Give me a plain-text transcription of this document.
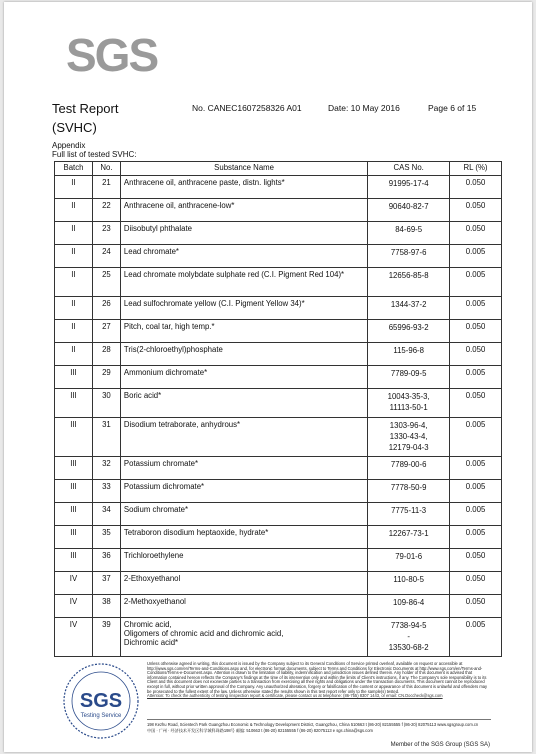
SGS
Test Report
(SVHC)
No. CANEC1607258326 A01	Date: 10 May 2016	Page 6 of 15
Appendix
Full list of tested SVHC:
Batch	No.	Substance Name	CAS No.	RL (%)
II	21	Anthracene oil, anthracene paste, distn. lights*	91995-17-4	0.050
II	22	Anthracene oil, anthracene-low*	90640-82-7	0.050
II	23	Diisobutyl phthalate	84-69-5	0.050
II	24	Lead chromate*	7758-97-6	0.005
II	25	Lead chromate molybdate sulphate red (C.I. Pigment Red 104)*	12656-85-8	0.005
II	26	Lead sulfochromate yellow (C.I. Pigment Yellow 34)*	1344-37-2	0.005
II	27	Pitch, coal tar, high temp.*	65996-93-2	0.050
II	28	Tris(2-chloroethyl)phosphate	115-96-8	0.050
III	29	Ammonium dichromate*	7789-09-5	0.005
III	30	Boric acid*	10043-35-3,
11113-50-1	0.050
III	31	Disodium tetraborate, anhydrous*	1303-96-4,
1330-43-4,
12179-04-3	0.005
III	32	Potassium chromate*	7789-00-6	0.005
III	33	Potassium dichromate*	7778-50-9	0.005
III	34	Sodium chromate*	7775-11-3	0.005
III	35	Tetraboron disodium heptaoxide, hydrate*	12267-73-1	0.005
III	36	Trichloroethylene	79-01-6	0.050
IV	37	2-Ethoxyethanol	110-80-5	0.050
IV	38	2-Methoxyethanol	109-86-4	0.050
IV	39	Chromic acid,
Oligomers of chromic acid and dichromic acid,
Dichromic acid*	7738-94-5
-
13530-68-2	0.005
SGS
Testing Service
Unless otherwise agreed in writing, this document is issued by the Company subject to its General Conditions of Service printed overleaf, available on request or accessible at http://www.sgs.com/en/Terms-and-Conditions.aspx and, for electronic format documents, subject to Terms and Conditions for Electronic Documents at http://www.sgs.com/en/Terms-and-Conditions/Terms-e-Document.aspx. Attention is drawn to the limitation of liability, indemnification and jurisdiction issues defined therein. Any holder of this document is advised that information contained hereon reflects the Company's findings at the time of its intervention only and within the limits of Client's instructions, if any. The Company's sole responsibility is to its Client and this document does not exonerate parties to a transaction from exercising all their rights and obligations under the transaction documents. This document cannot be reproduced except in full, without prior written approval of the Company. Any unauthorized alteration, forgery or falsification of the content or appearance of this document is unlawful and offenders may be prosecuted to the fullest extent of the law. Unless otherwise stated the results shown in this test report refer only to the sample(s) tested.
Attention: To check the authenticity of testing /inspection report & certificate, please contact us at telephone: (86-755) 8307 1443, or email: CN.Doccheck@sgs.com
198 Kezhu Road, Scientech Park Guangzhou Economic & Technology Development District, Guangzhou, China 510663 t (86-20) 82155555 f (86-20) 82075113 www.sgsgroup.com.cn
中国 · 广州 · 经济技术开发区科学城科珠路198号 邮编: 510663 t (86-20) 82155555 f (86-20) 82075113 e sgs.china@sgs.com
Member of the SGS Group (SGS SA)
